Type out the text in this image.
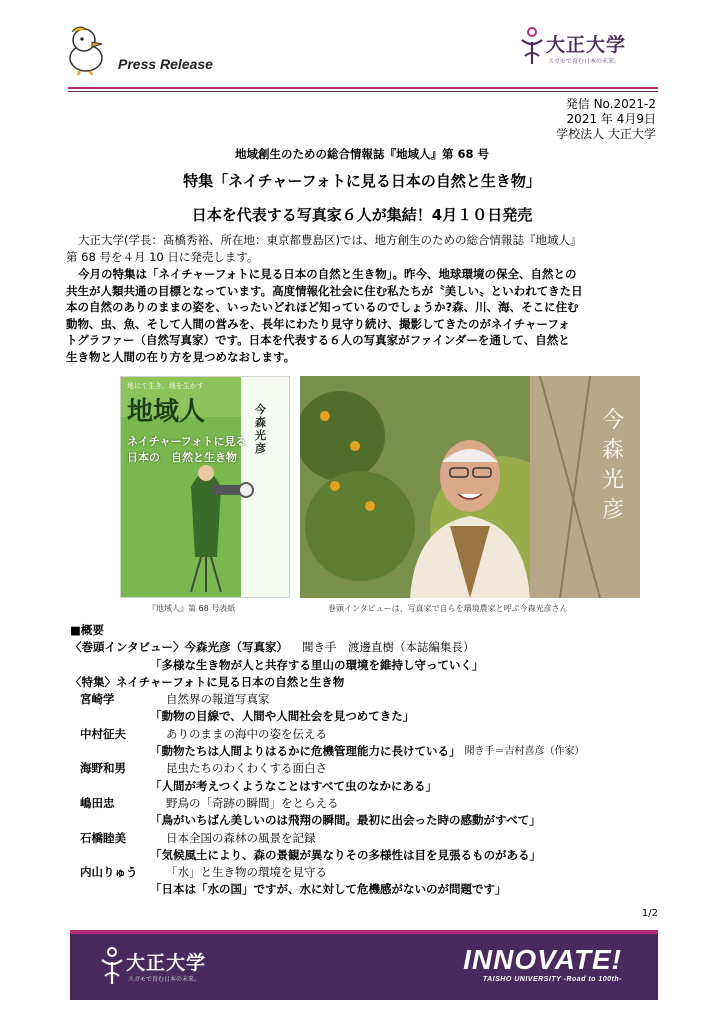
Press Release
大正大学
スガモで育む日本の未来。
発信 No.2021-2
2021 年 4月9日
学校法人 大正大学
地域創生のための総合情報誌『地域人』第 68 号
特集「ネイチャーフォトに見る日本の自然と生き物」
日本を代表する写真家６人が集結！4月１０日発売
大正大学(学長：髙橋秀裕、所在地：東京都豊島区)では、地方創生のための総合情報誌『地域人』
第 68 号を４月 10 日に発売します。
今月の特集は「ネイチャーフォトに見る日本の自然と生き物」。昨今、地球環境の保全、自然との
共生が人類共通の目標となっています。高度情報化社会に住む私たちが〝美しい〟といわれてきた日
本の自然のありのままの姿を、いったいどれほど知っているのでしょうか?森、川、海、そこに住む
動物、虫、魚、そして人間の営みを、長年にわたり見守り続け、撮影してきたのがネイチャーフォ
トグラファー（自然写真家）です。日本を代表する６人の写真家がファインダーを通して、自然と
生き物と人間の在り方を見つめなおします。
地にて生き、地を生かす
地域人
ネイチャーフォトに見る
日本の　自然と生き物
今森光彦
今森光彦
『地域人』第 68 号表紙	巻頭インタビューは、写真家で自らを環境農家と呼ぶ今森光彦さん
■概要
〈巻頭インタビュー〉今森光彦（写真家） 聞き手　渡邊直樹（本誌編集長）
「多様な生き物が人と共存する里山の環境を維持し守っていく」
〈特集〉ネイチャーフォトに見る日本の自然と生き物
宮崎学	自然界の報道写真家
「動物の目線で、人間や人間社会を見つめてきた」
中村征夫	ありのままの海中の姿を伝える
「動物たちは人間よりはるかに危機管理能力に長けている」 聞き手＝吉村喜彦（作家）
海野和男	昆虫たちのわくわくする面白さ
「人間が考えつくようなことはすべて虫のなかにある」
嶋田忠	野鳥の「奇跡の瞬間」をとらえる
「鳥がいちばん美しいのは飛翔の瞬間。最初に出会った時の感動がすべて」
石橋睦美	日本全国の森林の風景を記録
「気候風土により、森の景観が異なりその多様性は目を見張るものがある」
内山りゅう	「水」と生き物の環境を見守る
「日本は「水の国」ですが、水に対して危機感がないのが問題です」
1/2
大正大学
スガモで育む日本の未来。
INNOVATE!
TAISHO UNIVERSITY -Road to 100th-
